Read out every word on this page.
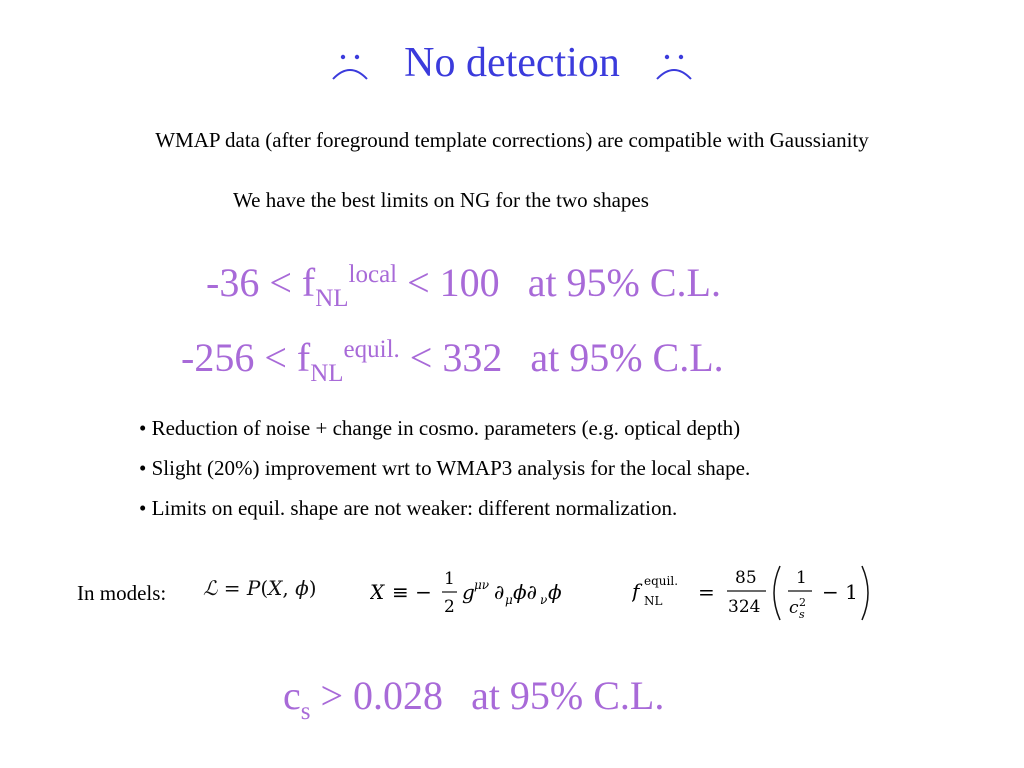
No detection
WMAP data (after foreground template corrections) are compatible with Gaussianity
We have the best limits on NG for the two shapes
$-36 < f_{NL}^{local} < 100$ at 95% C.L.
$-256 < f_{NL}^{equil.} < 332$ at 95% C.L.
• Reduction of noise + change in cosmo. parameters (e.g. optical depth)
• Slight (20%) improvement wrt to WMAP3 analysis for the local shape.
• Limits on equil. shape are not weaker: different normalization.
In models: ℒ = P(X, ϕ)	X ≡ −
1
2
g μν ∂ μ ϕ∂ ν ϕ	f equil.
NL =
85
324
1
c 2
s
− 1
$c_s > 0.028$ at 95% C.L.
